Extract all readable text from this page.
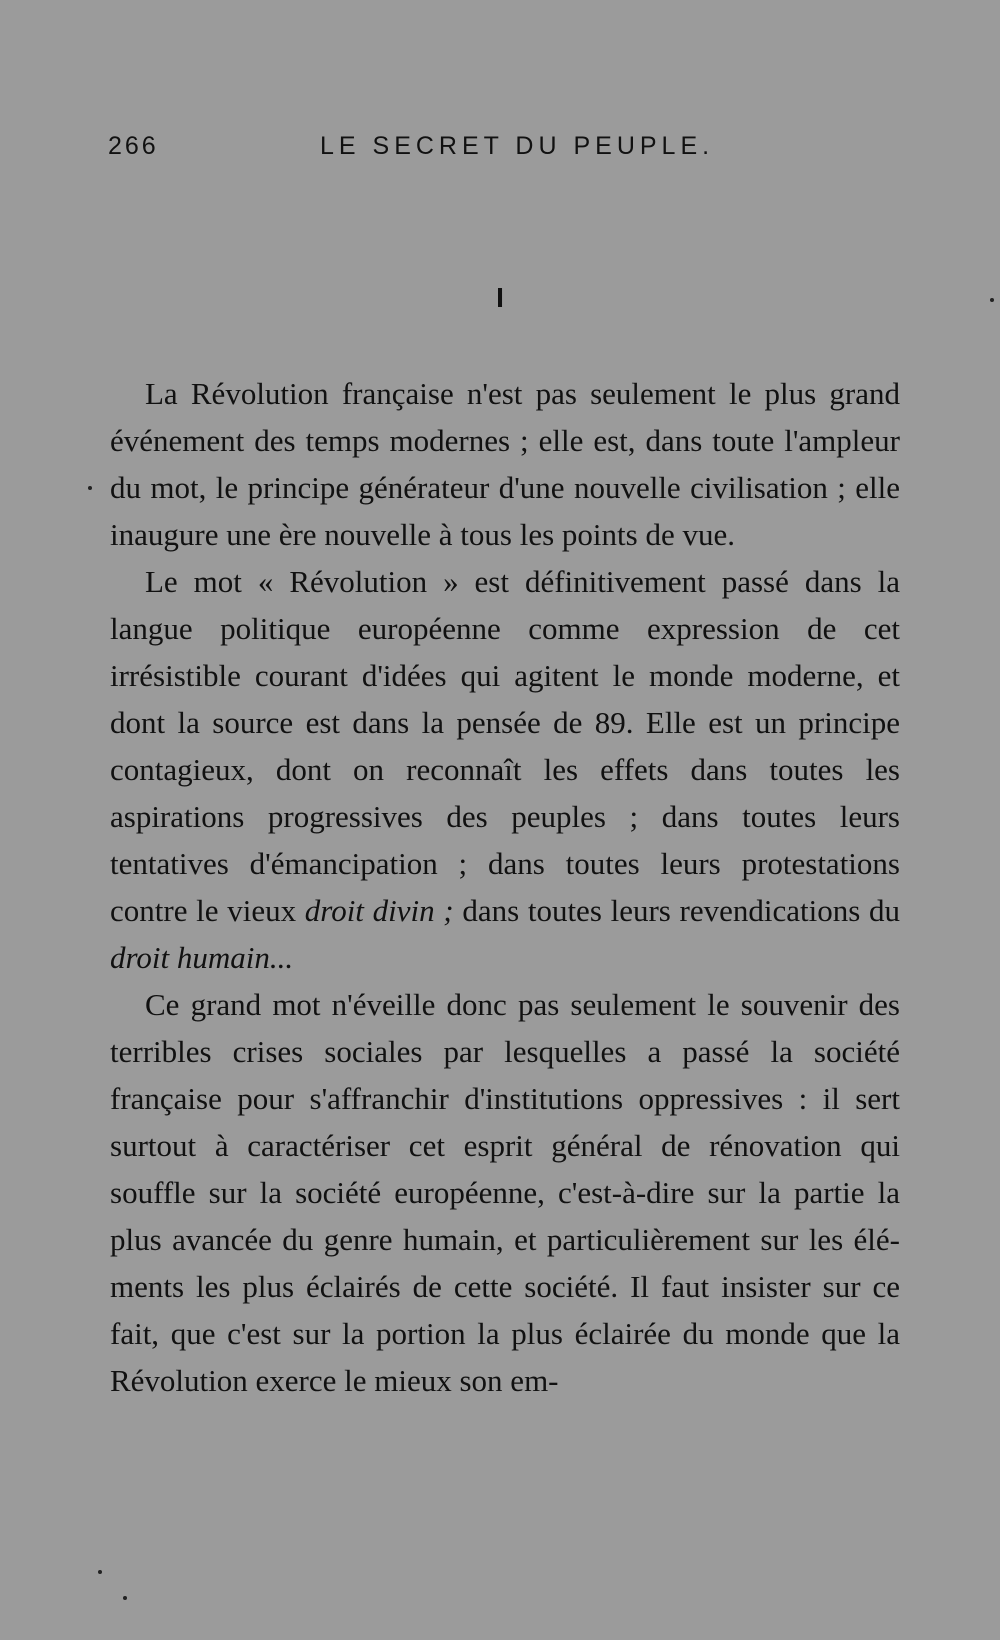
266	LE SECRET DU PEUPLE.
I

La Révolution française n'est pas seulement le plus grand événement des temps modernes ; elle est, dans toute l'ampleur du mot, le principe générateur d'une nouvelle civilisation ; elle inaugure une ère nouvelle à tous les points de vue.

Le mot « Révolution » est définitivement passé dans la langue politique européenne comme expression de cet irrésistible courant d'idées qui agitent le monde moderne, et dont la source est dans la pensée de 89. Elle est un principe contagieux, dont on reconnaît les effets dans toutes les aspirations progressives des peuples ; dans toutes leurs tentatives d'émancipation ; dans toutes leurs protestations contre le vieux droit divin ; dans toutes leurs revendications du droit humain...

Ce grand mot n'éveille donc pas seulement le souvenir des terribles crises sociales par lesquelles a passé la société française pour s'affranchir d'institutions oppressives : il sert surtout à caractériser cet esprit général de rénovation qui souffle sur la société européenne, c'est-à-dire sur la partie la plus avancée du genre humain, et particulièrement sur les éléments les plus éclairés de cette société. Il faut insister sur ce fait, que c'est sur la portion la plus éclairée du monde que la Révolution exerce le mieux son em-
